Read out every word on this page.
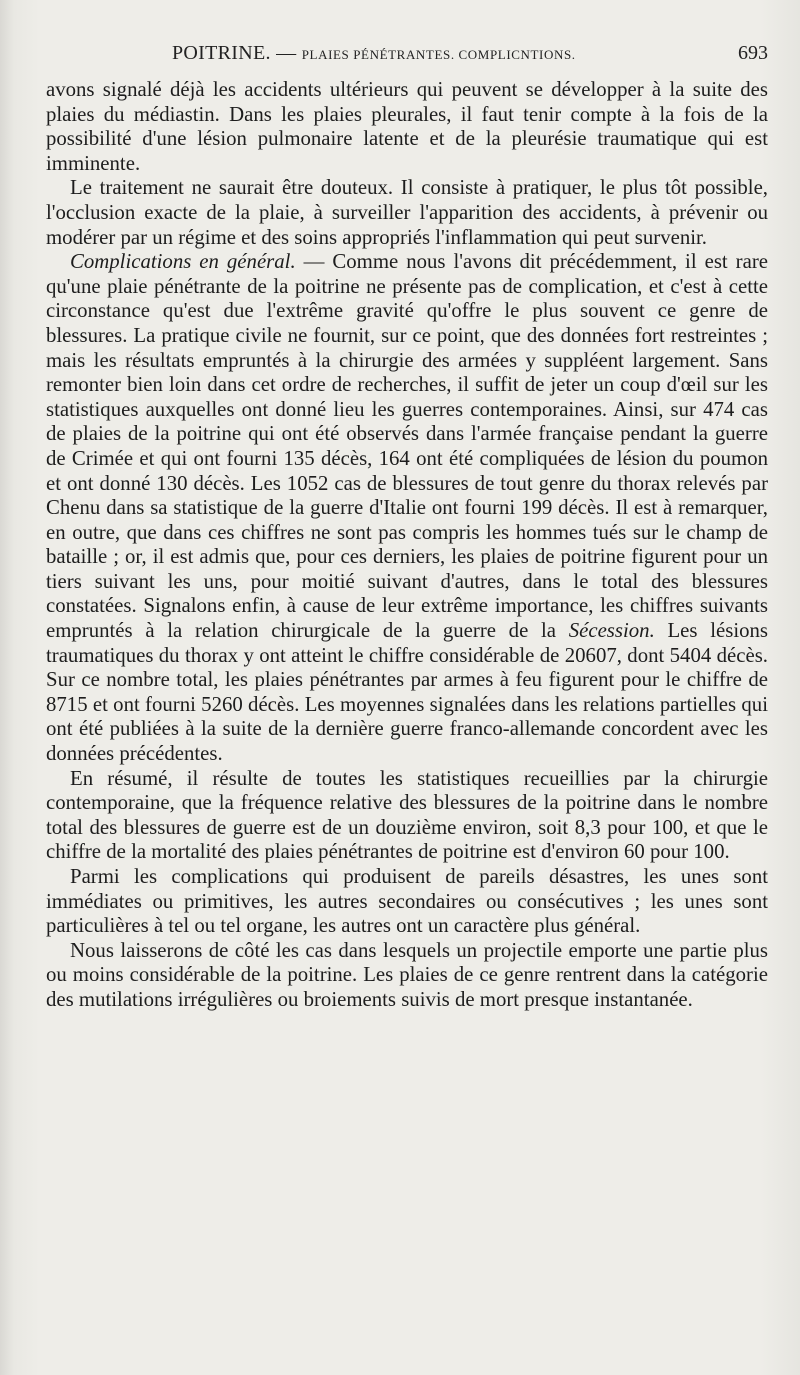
POITRINE. — PLAIES PÉNÉTRANTES. COMPLICNTIONS.	693

avons signalé déjà les accidents ultérieurs qui peuvent se développer à la suite des plaies du médiastin. Dans les plaies pleurales, il faut tenir compte à la fois de la possibilité d'une lésion pulmonaire latente et de la pleurésie traumatique qui est imminente.

Le traitement ne saurait être douteux. Il consiste à pratiquer, le plus tôt possible, l'occlusion exacte de la plaie, à surveiller l'apparition des accidents, à prévenir ou modérer par un régime et des soins appropriés l'inflammation qui peut survenir.

Complications en général. — Comme nous l'avons dit précédemment, il est rare qu'une plaie pénétrante de la poitrine ne présente pas de complication, et c'est à cette circonstance qu'est due l'extrême gravité qu'offre le plus souvent ce genre de blessures. La pratique civile ne fournit, sur ce point, que des données fort restreintes ; mais les résultats empruntés à la chirurgie des armées y suppléent largement. Sans remonter bien loin dans cet ordre de recherches, il suffit de jeter un coup d'œil sur les statistiques auxquelles ont donné lieu les guerres contemporaines. Ainsi, sur 474 cas de plaies de la poitrine qui ont été observés dans l'armée française pendant la guerre de Crimée et qui ont fourni 135 décès, 164 ont été compliquées de lésion du poumon et ont donné 130 décès. Les 1052 cas de blessures de tout genre du thorax relevés par Chenu dans sa statistique de la guerre d'Italie ont fourni 199 décès. Il est à remarquer, en outre, que dans ces chiffres ne sont pas compris les hommes tués sur le champ de bataille ; or, il est admis que, pour ces derniers, les plaies de poitrine figurent pour un tiers suivant les uns, pour moitié suivant d'autres, dans le total des blessures constatées. Signalons enfin, à cause de leur extrême importance, les chiffres suivants empruntés à la relation chirurgicale de la guerre de la Sécession. Les lésions traumatiques du thorax y ont atteint le chiffre considérable de 20607, dont 5404 décès. Sur ce nombre total, les plaies pénétrantes par armes à feu figurent pour le chiffre de 8715 et ont fourni 5260 décès. Les moyennes signalées dans les relations partielles qui ont été publiées à la suite de la dernière guerre franco-allemande concordent avec les données précédentes.

En résumé, il résulte de toutes les statistiques recueillies par la chirurgie contemporaine, que la fréquence relative des blessures de la poitrine dans le nombre total des blessures de guerre est de un douzième environ, soit 8,3 pour 100, et que le chiffre de la mortalité des plaies pénétrantes de poitrine est d'environ 60 pour 100.

Parmi les complications qui produisent de pareils désastres, les unes sont immédiates ou primitives, les autres secondaires ou consécutives ; les unes sont particulières à tel ou tel organe, les autres ont un caractère plus général.

Nous laisserons de côté les cas dans lesquels un projectile emporte une partie plus ou moins considérable de la poitrine. Les plaies de ce genre rentrent dans la catégorie des mutilations irrégulières ou broiements suivis de mort presque instantanée.
